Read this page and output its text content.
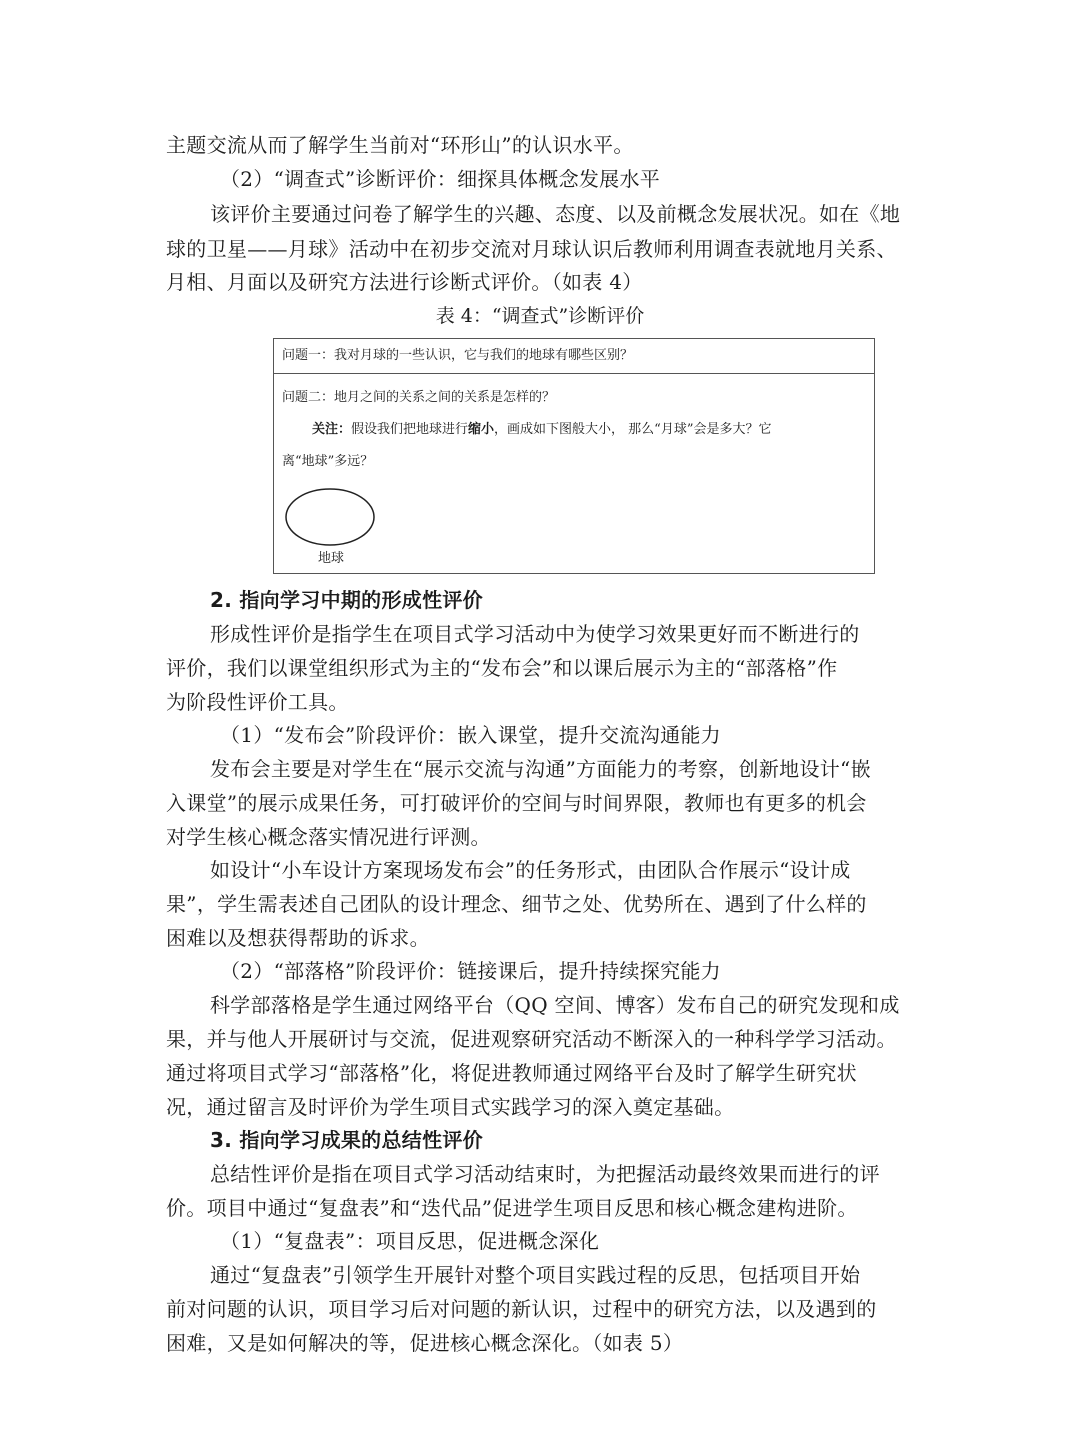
主题交流从而了解学生当前对“环形山”的认识水平。
（2）“调查式”诊断评价：细探具体概念发展水平
该评价主要通过问卷了解学生的兴趣、态度、以及前概念发展状况。如在《地
球的卫星——月球》活动中在初步交流对月球认识后教师利用调查表就地月关系、
月相、月面以及研究方法进行诊断式评价。（如表 4）
表 4：“调查式”诊断评价
问题一：我对月球的一些认识，它与我们的地球有哪些区别？
问题二：地月之间的关系之间的关系是怎样的？
关注：假设我们把地球进行缩小，画成如下图般大小， 那么“月球”会是多大？它
离“地球”多远？
地球
2. 指向学习中期的形成性评价
形成性评价是指学生在项目式学习活动中为使学习效果更好而不断进行的
评价，我们以课堂组织形式为主的“发布会”和以课后展示为主的“部落格”作
为阶段性评价工具。
（1）“发布会”阶段评价：嵌入课堂，提升交流沟通能力
发布会主要是对学生在“展示交流与沟通”方面能力的考察，创新地设计“嵌
入课堂”的展示成果任务，可打破评价的空间与时间界限，教师也有更多的机会
对学生核心概念落实情况进行评测。
如设计“小车设计方案现场发布会”的任务形式，由团队合作展示“设计成
果”，学生需表述自己团队的设计理念、细节之处、优势所在、遇到了什么样的
困难以及想获得帮助的诉求。
（2）“部落格”阶段评价：链接课后，提升持续探究能力
科学部落格是学生通过网络平台（QQ 空间、博客）发布自己的研究发现和成
果，并与他人开展研讨与交流，促进观察研究活动不断深入的一种科学学习活动。
通过将项目式学习“部落格”化，将促进教师通过网络平台及时了解学生研究状
况，通过留言及时评价为学生项目式实践学习的深入奠定基础。
3. 指向学习成果的总结性评价
总结性评价是指在项目式学习活动结束时，为把握活动最终效果而进行的评
价。项目中通过“复盘表”和“迭代品”促进学生项目反思和核心概念建构进阶。
（1）“复盘表”：项目反思，促进概念深化
通过“复盘表”引领学生开展针对整个项目实践过程的反思，包括项目开始
前对问题的认识，项目学习后对问题的新认识，过程中的研究方法，以及遇到的
困难，又是如何解决的等，促进核心概念深化。（如表 5）
